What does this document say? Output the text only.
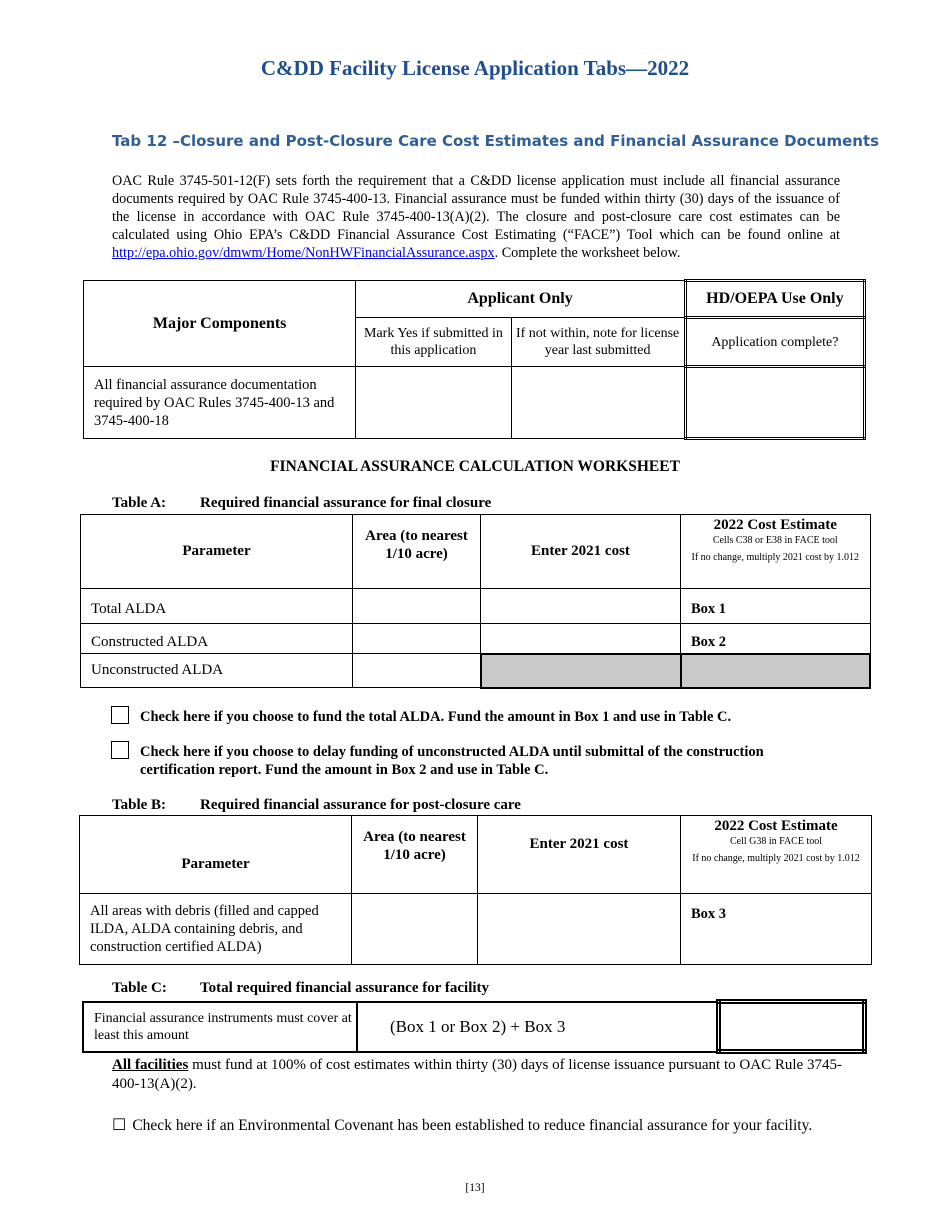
C&DD Facility License Application Tabs—2022
Tab 12 –Closure and Post-Closure Care Cost Estimates and Financial Assurance Documents
OAC Rule 3745-501-12(F) sets forth the requirement that a C&DD license application must include all financial assurance documents required by OAC Rule 3745-400-13. Financial assurance must be funded within thirty (30) days of the issuance of the license in accordance with OAC Rule 3745-400-13(A)(2). The closure and post-closure care cost estimates can be calculated using Ohio EPA’s C&DD Financial Assurance Cost Estimating (“FACE”) Tool which can be found online at http://epa.ohio.gov/dmwm/Home/NonHWFinancialAssurance.aspx. Complete the worksheet below.
Major Components	Applicant Only		HD/OEPA Use Only
	Mark Yes if submitted in this application	If not within, note for license year last submitted	Application complete?
All financial assurance documentation required by OAC Rules 3745-400-13 and 3745-400-18			
FINANCIAL ASSURANCE CALCULATION WORKSHEET
Table A: Required financial assurance for final closure
Parameter	Area (to nearest 1/10 acre)	Enter 2021 cost	2022 Cost Estimate
Cells C38 or E38 in FACE tool
If no change, multiply 2021 cost by 1.012

Total ALDA			Box 1
Constructed ALDA			Box 2
Unconstructed ALDA			
Check here if you choose to fund the total ALDA. Fund the amount in Box 1 and use in Table C.
Check here if you choose to delay funding of unconstructed ALDA until submittal of the construction certification report. Fund the amount in Box 2 and use in Table C.
Table B: Required financial assurance for post-closure care
Parameter	Area (to nearest 1/10 acre)	Enter 2021 cost	2022 Cost Estimate
Cell G38 in FACE tool
If no change, multiply 2021 cost by 1.012

All areas with debris (filled and capped ILDA, ALDA containing debris, and construction certified ALDA)			Box 3
Table C: Total required financial assurance for facility
Financial assurance instruments must cover at least this amount	(Box 1 or Box 2) + Box 3	
All facilities must fund at 100% of cost estimates within thirty (30) days of license issuance pursuant to OAC Rule 3745-400-13(A)(2).
☐ Check here if an Environmental Covenant has been established to reduce financial assurance for your facility.
[13]
